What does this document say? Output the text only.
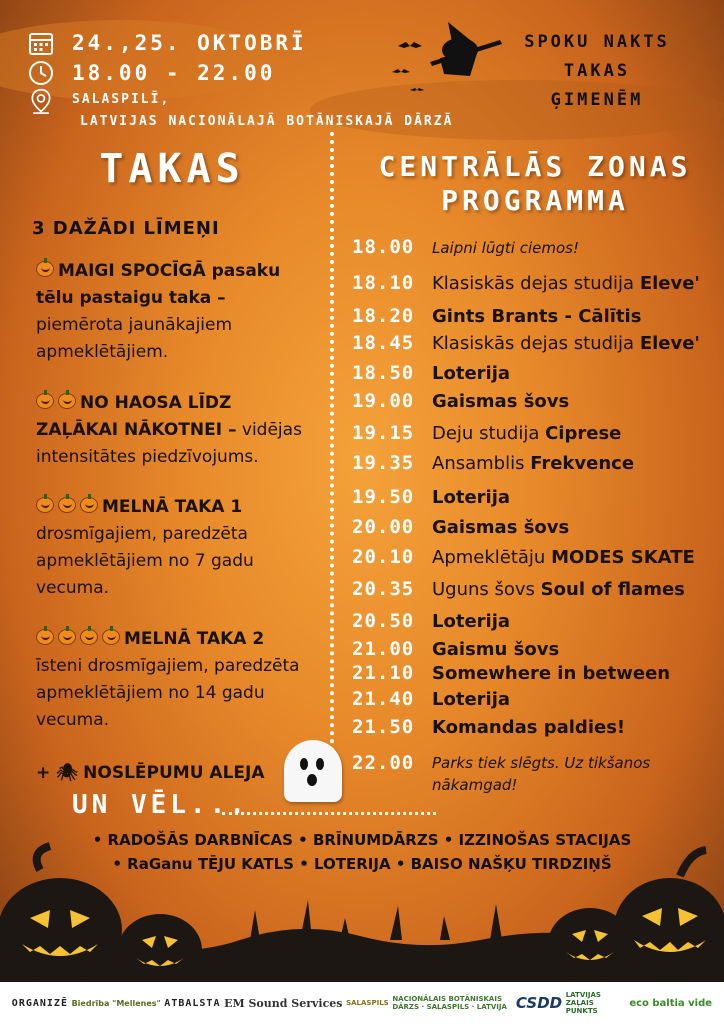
24.,25. OKTOBRĪ
18.00 - 22.00
SALASPILĪ,
LATVIJAS NACIONĀLAJĀ BOTĀNISKAJĀ DĀRZĀ
SPOKU NAKTS
TAKAS
ĢIMENĒM
TAKAS	CENTRĀLĀS ZONAS
PROGRAMMA
3 DAŽĀDI LĪMEŅI
MAIGI SPOCĪGĀ pasaku tēlu pastaigu taka – piemērota jaunākajiem apmeklētājiem.
NO HAOSA LĪDZ ZAĻĀKAI NĀKOTNEI – vidējas intensitātes piedzīvojums.
MELNĀ TAKA 1
drosmīgajiem, paredzēta apmeklētājiem no 7 gadu vecuma.
MELNĀ TAKA 2
īsteni drosmīgajiem, paredzēta apmeklētājiem no 14 gadu vecuma.
+ 🕷 NOSLĒPUMU ALEJA
18.00 Laipni lūgti ciemos!
18.10 Klasiskās dejas studija Eleve'
18.20 Gints Brants - Cālītis
18.45 Klasiskās dejas studija Eleve'
18.50 Loterija
19.00 Gaismas šovs
19.15 Deju studija Ciprese
19.35 Ansamblis Frekvence
19.50 Loterija
20.00 Gaismas šovs
20.10 Apmeklētāju MODES SKATE
20.35 Uguns šovs Soul of flames
20.50 Loterija
21.00 Gaismu šovs
21.10 Somewhere in between
21.40 Loterija
21.50 Komandas paldies!
22.00 Parks tiek slēgts. Uz tikšanos nākamgad!
UN VĒL...
• RADOŠĀS DARBNĪCAS • BRĪNUMDĀRZS • IZZINOŠAS STACIJAS • RaGanu TĒJU KATLS • LOTERIJA • BAISO NAŠĶU TIRDZIŅŠ
ORGANIZĒ Biedrība "Mellenes" ATBALSTA EM Sound Services SALASPILS NACIONĀLAIS BOTĀNISKAIS DĀRZS · SALASPILS · LATVIJA CSDD LATVIJAS ZAĻAIS PUNKTS
eco baltia vide
